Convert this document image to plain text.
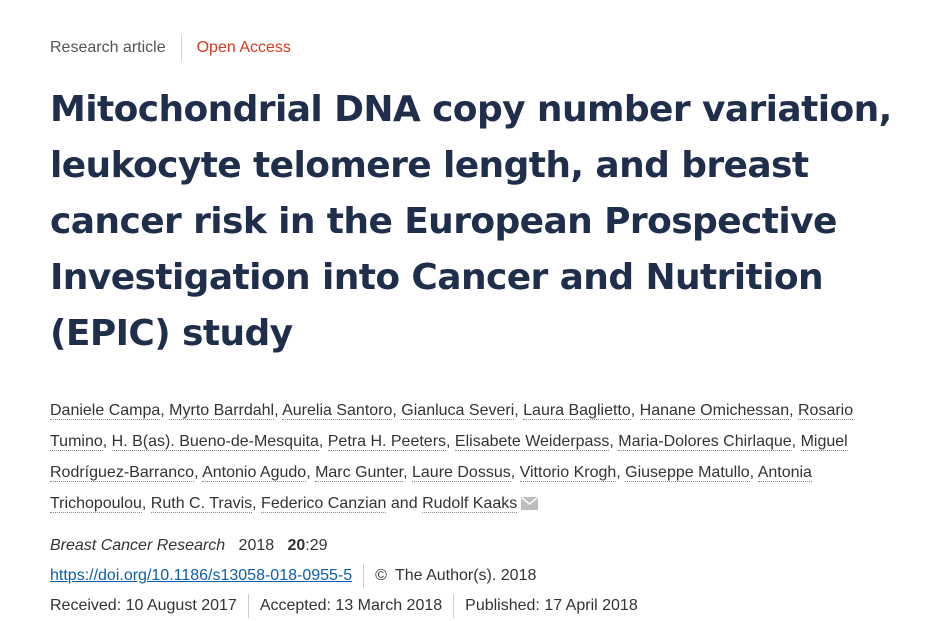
Research article	Open Access
Mitochondrial DNA copy number variation, leukocyte telomere length, and breast cancer risk in the European Prospective Investigation into Cancer and Nutrition (EPIC) study
Daniele Campa, Myrto Barrdahl, Aurelia Santoro, Gianluca Severi, Laura Baglietto, Hanane Omichessan, Rosario Tumino, H. B(as). Bueno-de-Mesquita, Petra H. Peeters, Elisabete Weiderpass, Maria-Dolores Chirlaque, Miguel Rodríguez-Barranco, Antonio Agudo, Marc Gunter, Laure Dossus, Vittorio Krogh, Giuseppe Matullo, Antonia Trichopoulou, Ruth C. Travis, Federico Canzian and Rudolf Kaaks
Breast Cancer Research 2018 20:29
https://doi.org/10.1186/s13058-018-0955-5 © The Author(s). 2018
Received: 10 August 2017 Accepted: 13 March 2018 Published: 17 April 2018
